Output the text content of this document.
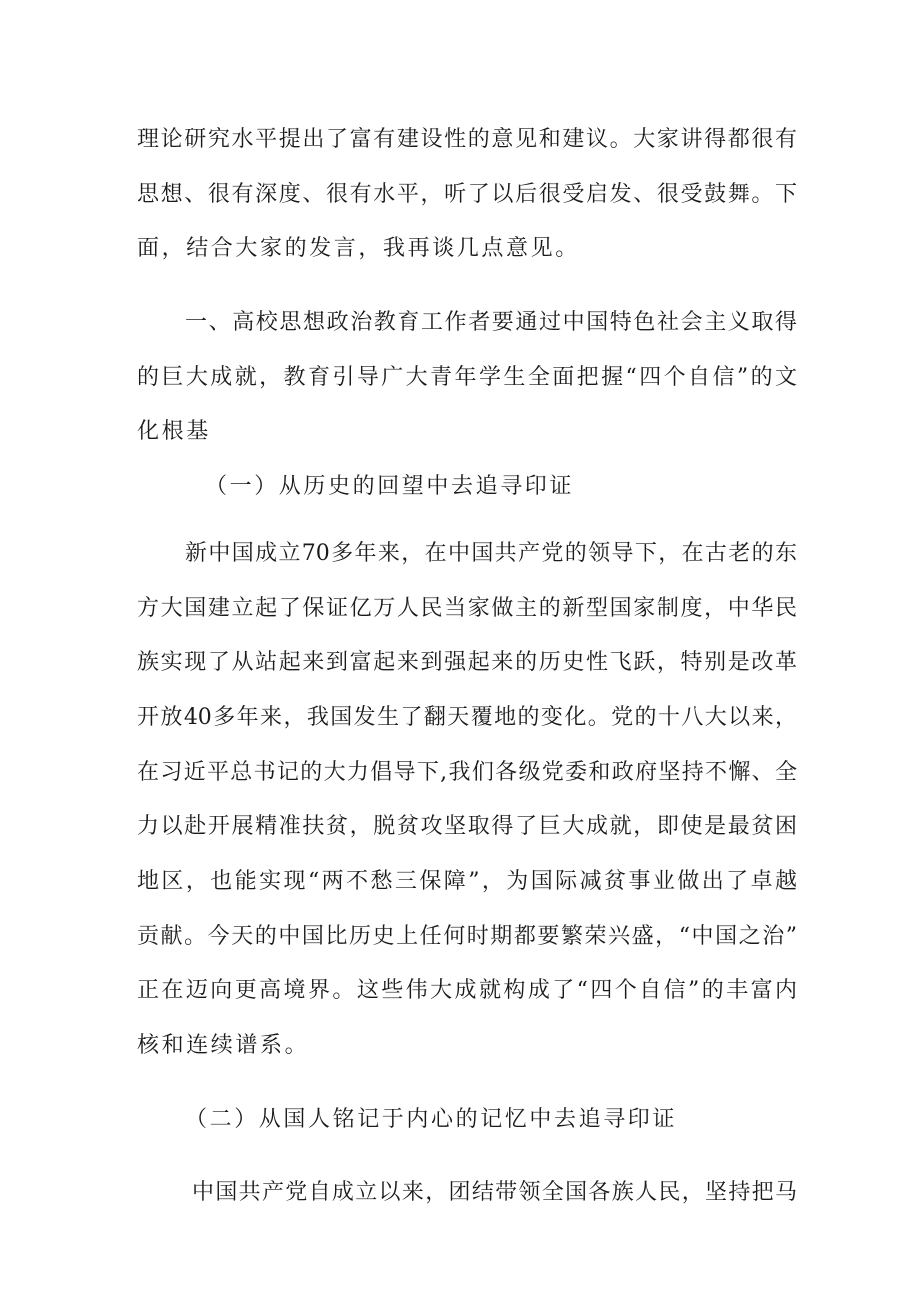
理论研究水平提出了富有建设性的意见和建议。大家讲得都很有
思想、很有深度、很有水平，听了以后很受启发、很受鼓舞。下
面，结合大家的发言，我再谈几点意见。
一、高校思想政治教育工作者要通过中国特色社会主义取得
的巨大成就，教育引导广大青年学生全面把握“四个自信”的文
化根基
（一）从历史的回望中去追寻印证
新中国成立70多年来，在中国共产党的领导下，在古老的东
方大国建立起了保证亿万人民当家做主的新型国家制度，中华民
族实现了从站起来到富起来到强起来的历史性飞跃，特别是改革
开放40多年来，我国发生了翻天覆地的变化。党的十八大以来，
在习近平总书记的大力倡导下,我们各级党委和政府坚持不懈、全
力以赴开展精准扶贫，脱贫攻坚取得了巨大成就，即使是最贫困
地区，也能实现“两不愁三保障”，为国际减贫事业做出了卓越
贡献。今天的中国比历史上任何时期都要繁荣兴盛，“中国之治”
正在迈向更高境界。这些伟大成就构成了“四个自信”的丰富内
核和连续谱系。
（二）从国人铭记于内心的记忆中去追寻印证
中国共产党自成立以来，团结带领全国各族人民，坚持把马
